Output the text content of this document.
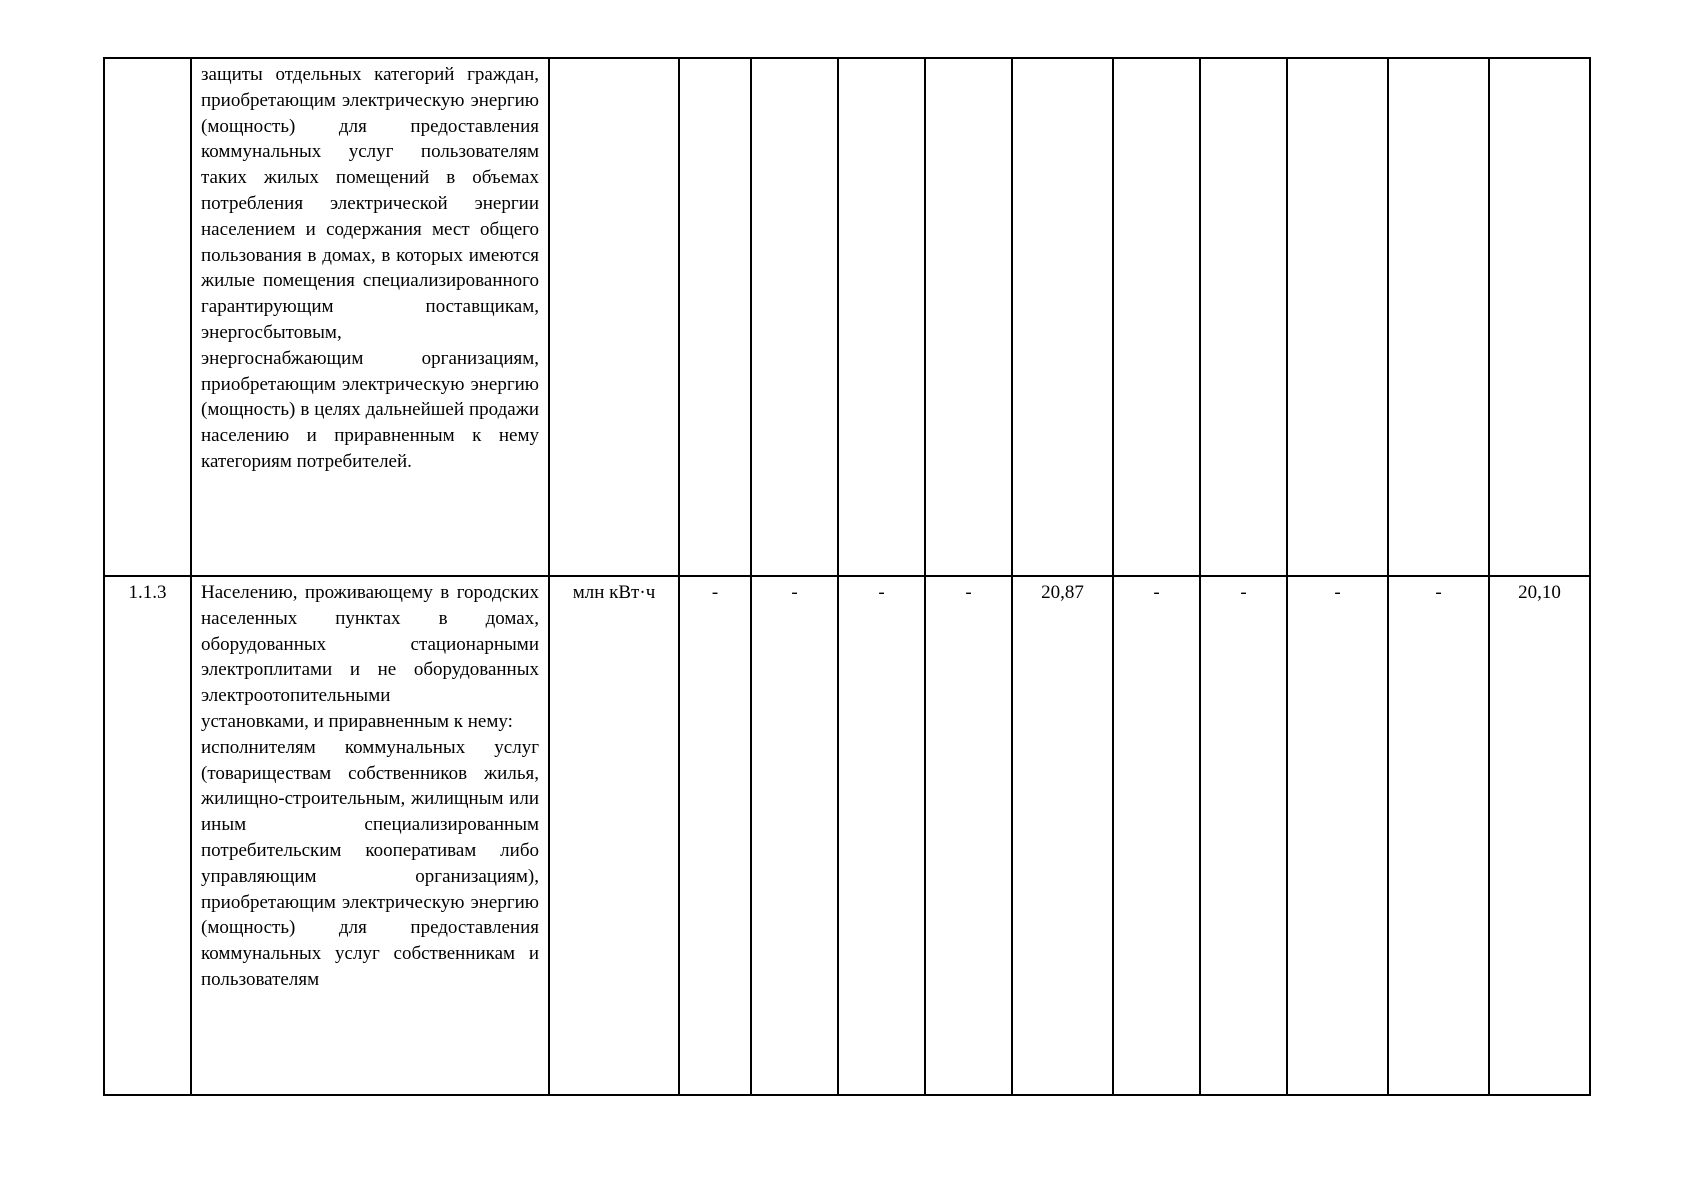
	защиты отдельных категорий граждан, приобретающим электрическую энергию (мощность) для предоставления коммунальных услуг пользователям таких жилых помещений в объемах потребления электрической энергии населением и содержания мест общего пользования в домах, в которых имеются жилые помещения специализированного гарантирующим поставщикам, энергосбытовым,
энергоснабжающим организациям, приобретающим электрическую энергию (мощность) в целях дальнейшей продажи населению и приравненным к нему категориям потребителей.											
1.1.3	Населению, проживающему в городских населенных пунктах в домах, оборудованных стационарными электроплитами и не оборудованных электроотопительными
установками, и приравненным к нему:
исполнителям коммунальных услуг (товариществам собственников жилья, жилищно-строительным, жилищным или иным специализированным потребительским кооперативам либо управляющим организациям), приобретающим электрическую энергию (мощность) для предоставления коммунальных услуг собственникам и пользователям	млн кВт·ч	-	-	-	-	20,87	-	-	-	-	20,10
